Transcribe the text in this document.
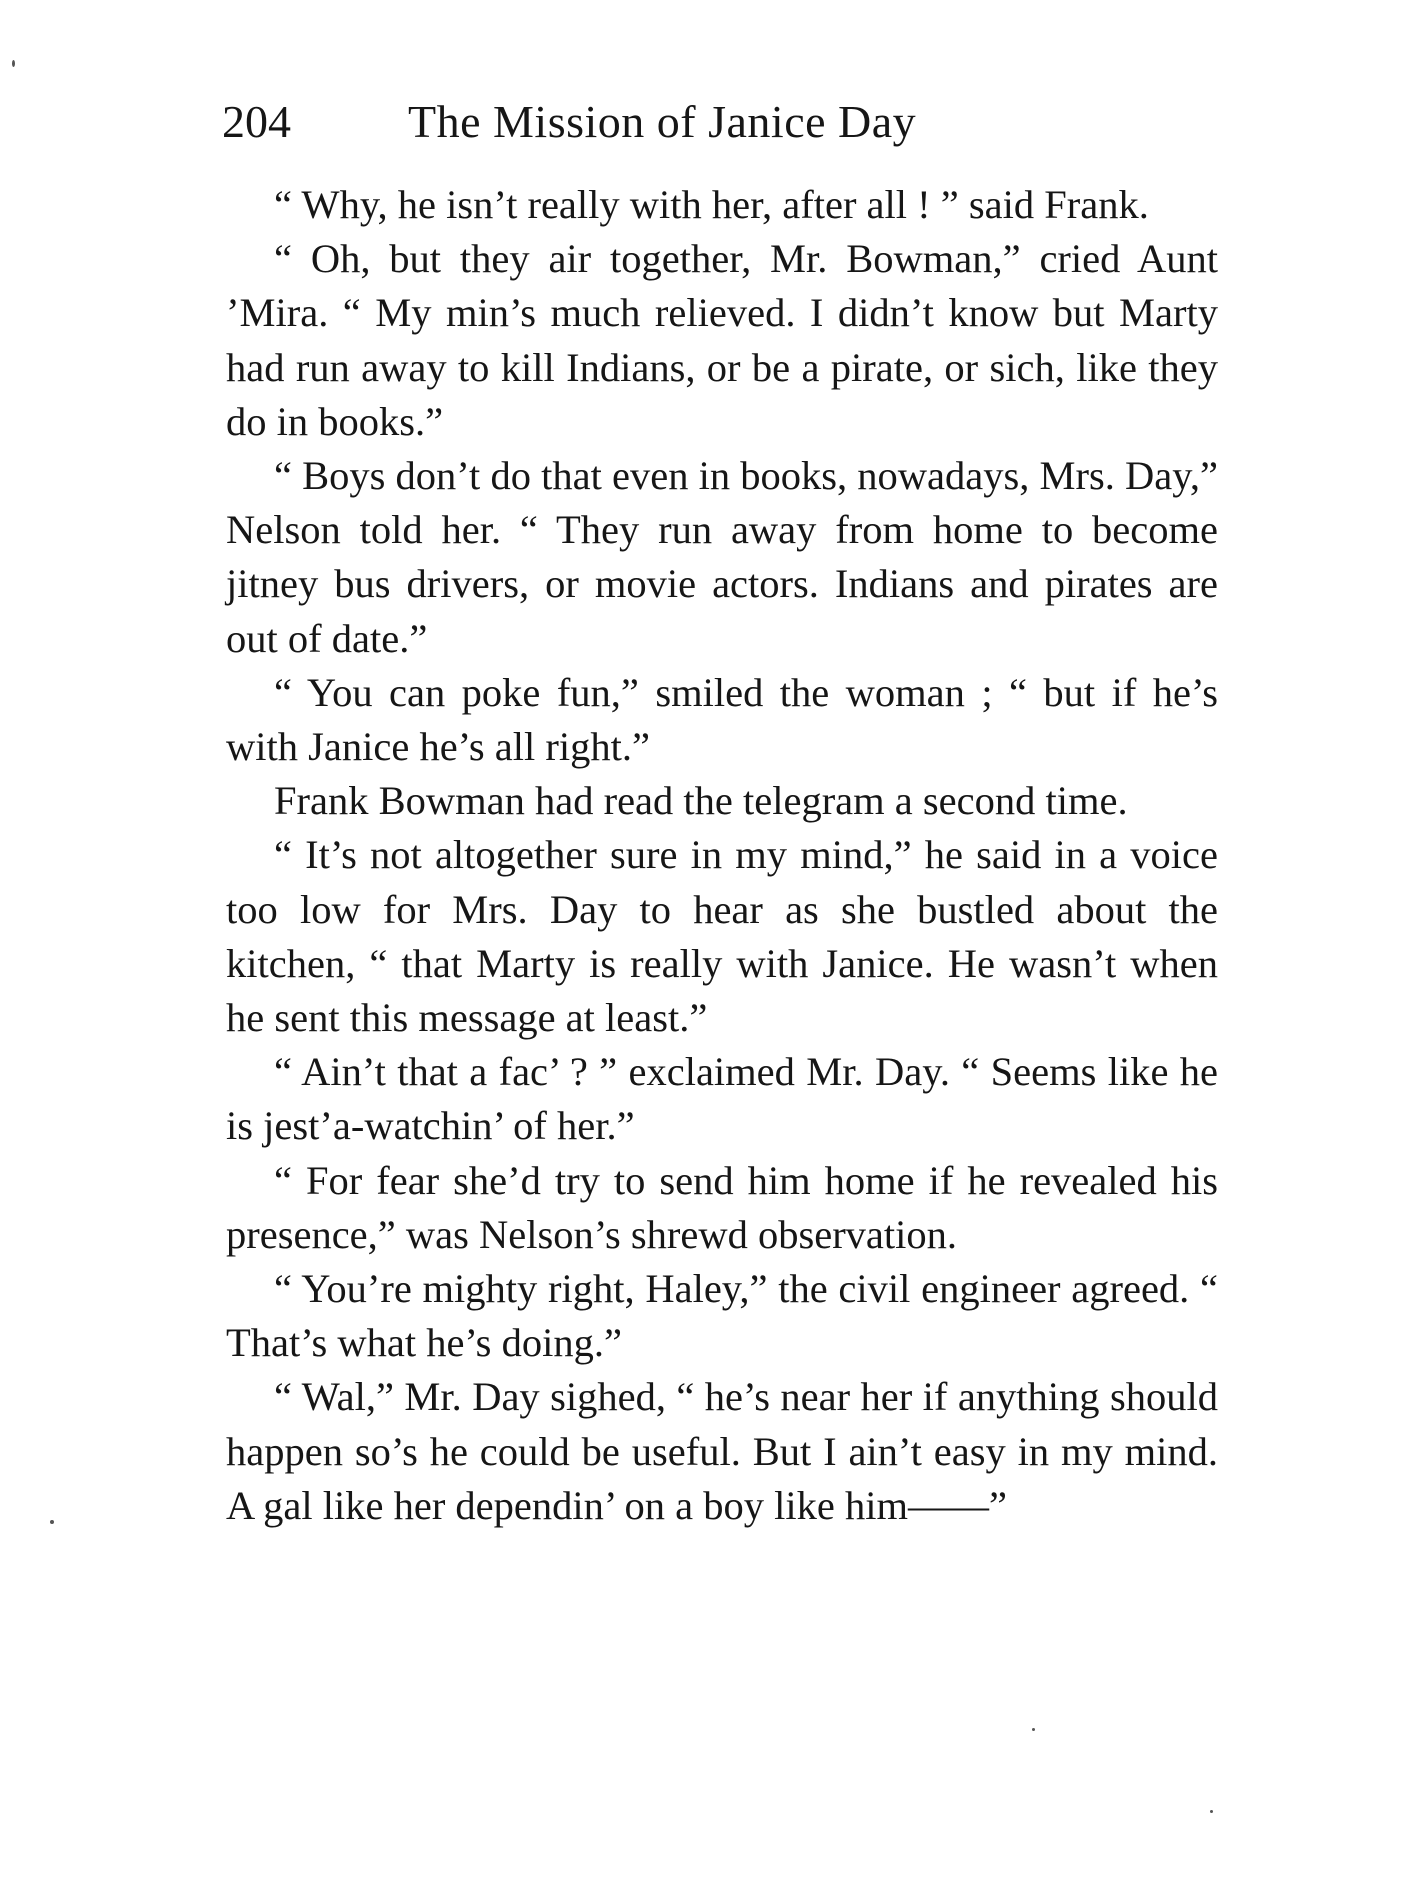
204	The Mission of Janice Day

“ Why, he isn’t really with her, after all ! ” said Frank.

“ Oh, but they air together, Mr. Bowman,” cried Aunt ’Mira. “ My min’s much relieved. I didn’t know but Marty had run away to kill Indians, or be a pirate, or sich, like they do in books.”

“ Boys don’t do that even in books, nowadays, Mrs. Day,” Nelson told her. “ They run away from home to become jitney bus drivers, or movie actors. Indians and pirates are out of date.”

“ You can poke fun,” smiled the woman ; “ but if he’s with Janice he’s all right.”

Frank Bowman had read the telegram a second time.

“ It’s not altogether sure in my mind,” he said in a voice too low for Mrs. Day to hear as she bustled about the kitchen, “ that Marty is really with Janice. He wasn’t when he sent this message at least.”

“ Ain’t that a fac’ ? ” exclaimed Mr. Day. “ Seems like he is jest’a-watchin’ of her.”

“ For fear she’d try to send him home if he revealed his presence,” was Nelson’s shrewd observation.

“ You’re mighty right, Haley,” the civil engineer agreed. “ That’s what he’s doing.”

“ Wal,” Mr. Day sighed, “ he’s near her if anything should happen so’s he could be useful. But I ain’t easy in my mind. A gal like her dependin’ on a boy like him——”
